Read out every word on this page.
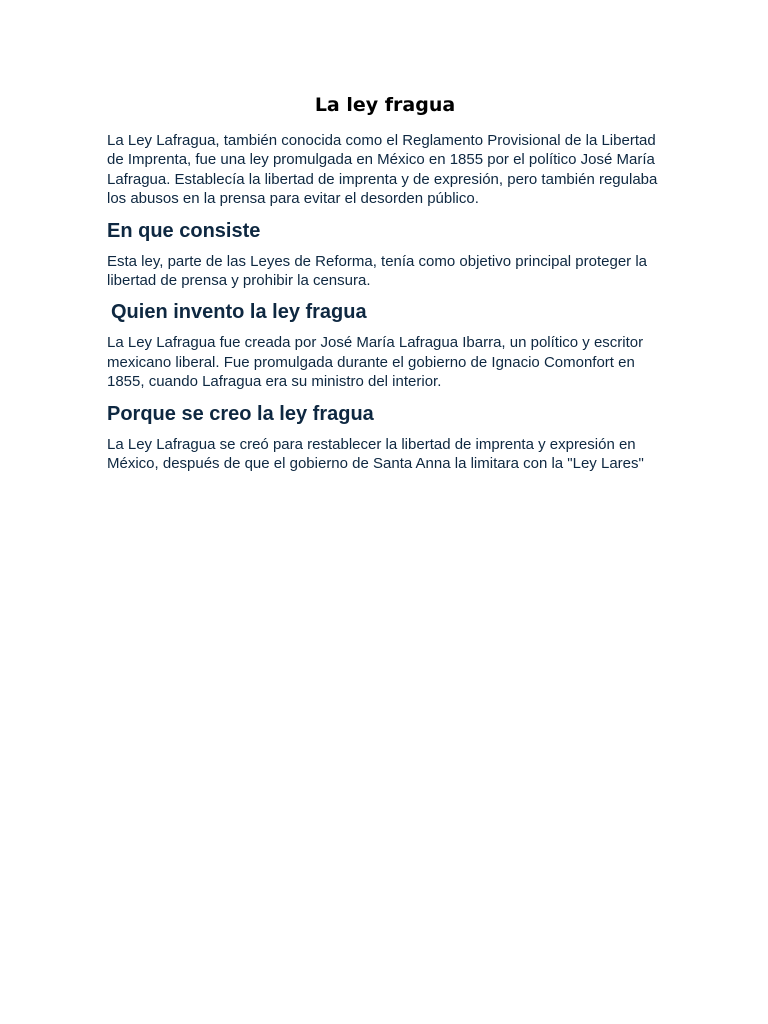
La ley fragua

La Ley Lafragua, también conocida como el Reglamento Provisional de la Libertad de Imprenta, fue una ley promulgada en México en 1855 por el político José María Lafragua. Establecía la libertad de imprenta y de expresión, pero también regulaba los abusos en la prensa para evitar el desorden público.

En que consiste

Esta ley, parte de las Leyes de Reforma, tenía como objetivo principal proteger la libertad de prensa y prohibir la censura.

Quien invento la ley fragua

La Ley Lafragua fue creada por José María Lafragua Ibarra, un político y escritor mexicano liberal. Fue promulgada durante el gobierno de Ignacio Comonfort en 1855, cuando Lafragua era su ministro del interior.

Porque se creo la ley fragua

La Ley Lafragua se creó para restablecer la libertad de imprenta y expresión en México, después de que el gobierno de Santa Anna la limitara con la "Ley Lares"
